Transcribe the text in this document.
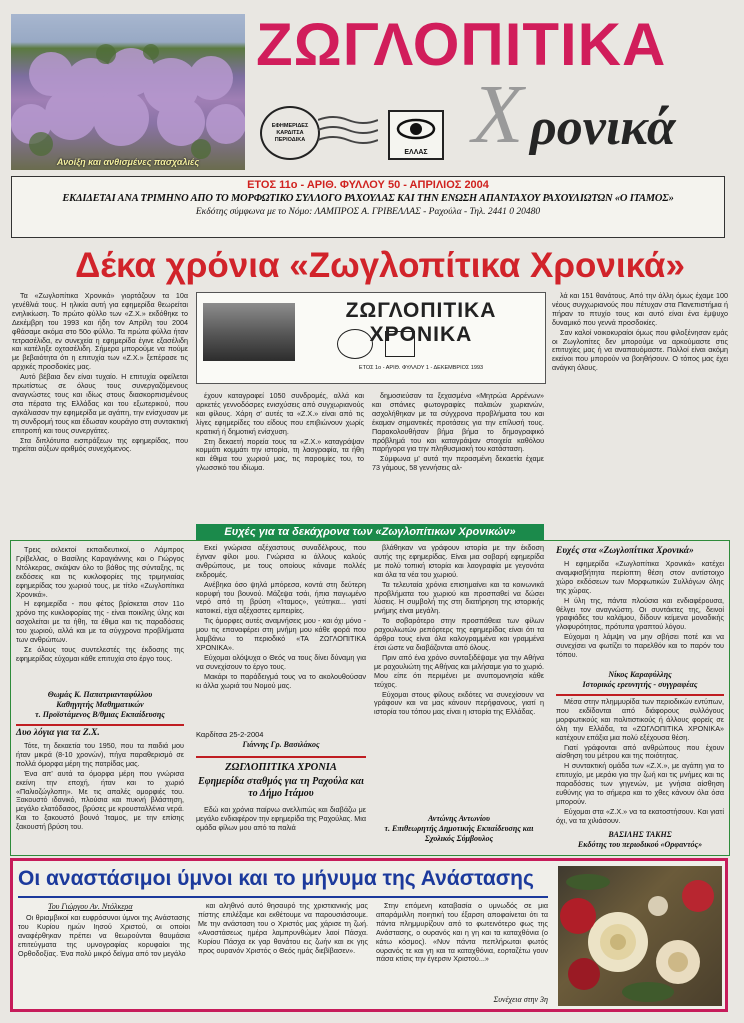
Ανοίξη και ανθισμένες πασχαλιές
ΖΩΓΛΟΠΙΤΙΚΑ
ΕΦΗΜΕΡΙΔΕΣ ΚΑΡΔΙΤΣΑ ΠΕΡΙΟΔΙΚΑ
ΕΛΛΑΣ Χ ρονικά
ΕΤΟΣ 11ο - ΑΡΙΘ. ΦΥΛΛΟΥ 50 - ΑΠΡΙΛΙΟΣ 2004
ΕΚΔΙΔΕΤΑΙ ΑΝΑ ΤΡΙΜΗΝΟ ΑΠΟ ΤΟ ΜΟΡΦΩΤΙΚΟ ΣΥΛΛΟΓΟ ΡΑΧΟΥΛΑΣ ΚΑΙ ΤΗΝ ΕΝΩΣΗ ΑΠΑΝΤΑΧΟΥ ΡΑΧΟΥΛΙΩΤΩΝ «Ο ΙΤΑΜΟΣ»
Εκδότης σύμφωνα με το Νόμο: ΛΑΜΠΡΟΣ Α. ΓΡΙΒΕΛΛΑΣ - Ραχούλα - Τηλ. 2441 0 20480
Δέκα χρόνια «Ζωγλοπίτικα Χρονικά»

Τα «Ζωγλοπίτικα Χρονικά» γιορτάζουν τα 10α γενέθλιά τους. Η ηλικία αυτή για εφημερίδα θεωρείται ενηλικίωση. Το πρώτο φύλλο των «Ζ.Χ.» εκδόθηκε το Δεκέμβρη του 1993 και ήδη τον Απρίλη του 2004 φθάσαμε ακόμα στο 50ο φύλλο. Τα πρώτα φύλλα ήταν τετρασέλιδα, εν συνεχεία η εφημερίδα έγινε εξασέλιδη και κατέληξε οχτασέλιδη. Σήμερα μπορούμε να πούμε με βεβαιότητα ότι η επιτυχία των «Ζ.Χ.» ξεπέρασε τις αρχικές προσδοκίες μας.

Αυτό βέβαια δεν είναι τυχαίο. Η επιτυχία οφείλεται πρωτίστως σε όλους τους συνεργαζόμενους αναγνώστες τους και ιδίως στους διασκορπισμένους στα πέρατα της Ελλάδας και του εξωτερικού, που αγκάλιασαν την εφημερίδα με αγάπη, την ενίσχυσαν με τη συνδρομή τους και έδωσαν κουράγιο στη συντακτική επιτροπή και τους συνεργάτες.

Στα διπλότυπα εισπράξεων της εφημερίδας, που τηρείται αύξων αριθμός συνεχόμενος.

ΖΩΓΛΟΠΙΤΙΚΑ ΧΡΟΝΙΚΑ
ΕΤΟΣ 1ο - ΑΡΙΘ. ΦΥΛΛΟΥ 1 - ΔΕΚΕΜΒΡΙΟΣ 1993

έχουν καταγραφεί 1050 συνδρομές, αλλά και αρκετές γεννοδόσρες ενισχύσεις από συγχωριανούς και φίλους. Χάρη σ' αυτές τα «Ζ.Χ.» είναι από τις λίγες εφημερίδες του είδους που επιβιώνουν χωρίς κρατική ή δημοτική ενίσχυση.

Στη δεκαετή πορεία τους τα «Ζ.Χ.» καταγράψαν κομμάτι κομμάτι την ιστορία, τη λαογραφία, τα ήθη και έθιμα του χωριού μας, τις παροιμίες του, το γλωσσικό του ιδίωμα.

δημοσιεύσαν τα ξεχασμένα «Μητρώα Αρρένων» και σπάνιες φωτογραφίες παλαιών χωριανών, ασχολήθηκαν με τα σύγχρονα προβλήματα του και έκαμαν σημαντικές προτάσεις για την επίλυσή τους. Παρακολουθήσαν βήμα βήμα το δημογραφικό πρόβλημά του και καταγράψαν στοιχεία καθόλου παρήγορα για την πληθυσμιακή του κατάσταση.

Σύμφωνα μ' αυτά την περασμένη δεκαετία έχαμε 73 γάμους, 58 γεννήσεις αλ-

λά και 151 θανάτους. Από την άλλη όμως έχαμε 100 νέους συγχωριανούς που πέτυχαν στα Πανεπιστήμια ή πήραν το πτυχίο τους και αυτό είναι ένα έμψυχο δυναμικό που γεννά προσδοκίες.

Σαν καλοί νοικοκυραίοι όμως που φιλοξένησαν εμάς οι Ζωγλοπίτες δεν μπορούμε να αρκούμαστε στις επιτυχίες μας ή να αναπαυόμαστε. Πολλοί είναι ακόμη εκείνοι που μπορούν να βοηθήσουν. Ο τόπος μας έχει ανάγκη όλους.

Ευχές για τα δεκάχρονα των «Ζωγλοπίτικων Χρονικών»

Τρεις εκλεκτοί εκπαιδευτικοί, ο Λάμπρος Γρίβελλας, ο Βασίλης Καραγιάννης και ο Γιώργος Ντόλκερας, σκάψαν όλο το βάθος της σύνταξης, τις εκδόσεις και τις κυκλοφορίες της τριμηνιαίας εφημερίδας του χωριού τους, με τίτλο «Ζωγλοπίτικα Χρονικά».

Η εφημερίδα - που φέτος βρίσκεται στον 11ο χρόνο της κυκλοφορίας της - είναι ποικίλης ύλης και ασχολείται με τα ήθη, τα έθιμα και τις παραδόσεις του χωριού, αλλά και με τα σύγχρονα προβλήματα των ανθρώπων.

Σε όλους τους συντελεστές της έκδοσης της εφημερίδας εύχομαι κάθε επιτυχία στο έργο τους.

Θωμάς Κ. Παπατριανταφύλλου
Καθηγητής Μαθηματικών
τ. Προϊστάμενος Β/θμιας Εκπαίδευσης
Δυο λόγια για τα Ζ.Χ.

Τότε, τη δεκαετία του 1950, που τα παιδιά μου ήταν μικρά (8-10 χρονών), πήγα παραθερισμό σε πολλά όμορφα μέρη της πατρίδας μας.

Ένα απ' αυτά τα όμορφα μέρη που γνώρισα εκείνη την εποχή, ήταν και το χωριό «Παλιοζώγλοπη». Με τις απαλές ομορφιές του. Ξακουστό ιδανικό, πλούσια και πυκνή βλάστηση, μεγάλο ελατόδασος, βρύσες με κρουσταλλένια νερά. Και το ξακουστό βουνό Ίταμος, με την επίσης ξακουστή βρύση του.

Εκεί γνώρισα αξέχαστους συναδέλφους, που έγιναν φίλοι μου. Γνώρισα κι άλλους καλούς ανθρώπους, με τους οποίους κάναμε πολλές εκδρομές.

Ανέβηκα όσο ψηλά μπόρεσα, κοντά στη δεύτερη κορυφή του βουνού. Μάζεψα τσάι, ήπια παγωμένο νερό από τη βρύση «Ίταμος», γεύτηκα... γιατί κατοικεί, είχα αξέχαστες εμπειρίες.

Τις όμορφες αυτές αναμνήσεις μου - και όχι μόνο - μου τις επαναφέρει στη μνήμη μου κάθε φορά που λαμβάνω το περιοδικό «ΤΑ ΖΩΓΛΟΠΙΤΙΚΑ ΧΡΟΝΙΚΑ».

Εύχομαι ολόψυχα ο Θεός να τους δίνει δύναμη για να συνεχίσουν το έργο τους.

Μακάρι το παράδειγμά τους να το ακολουθούσαν κι άλλα χωριά του Νομού μας.

Καρδίτσα 25-2-2004
Γιάννης Γρ. Βασιλάκος
ΖΩΓΛΟΠΙΤΙΚΑ ΧΡΟΝΙΑ
Εφημερίδα σταθμός για τη Ραχούλα και το Δήμο Ιτάμου
Εδώ και χρόνια παίρνω ανελλιπώς και διαβάζω με μεγάλο ενδιαφέρον την εφημερίδα της Ραχούλας. Μια ομάδα φίλων μου από τα παλιά

βλάθηκαν να γράφουν ιστορία με την έκδοση αυτής της εφημερίδας. Είναι μια σοβαρή εφημερίδα με πολύ τοπική ιστορία και λαογραφία με γεγονότα και όλα τα νέα του χωριού.

Τα τελευταία χρόνια επισημαίνει και τα κοινωνικά προβλήματα του χωριού και προσπαθεί να δώσει λύσεις. Η συμβολή της στη διατήρηση της ιστορικής μνήμης είναι μεγάλη.

Το σοβαρότερο στην προσπάθεια των φίλων ραχουλιωτών ρεπόρτερς της εφημερίδας είναι ότι τα άρθρα τους είναι όλα καλογραμμένα και γραμμένα έτσι ώστε να διαβάζονται από όλους.

Πριν από ένα χρόνο συνταξιδέψαμε για την Αθήνα με ραχουλιώτη της Αθήνας και μιλήσαμε για το χωριό. Μου είπε ότι περιμένει με ανυπομονησία κάθε τεύχος.

Εύχομαι στους φίλους εκδότες να συνεχίσουν να γράφουν και να μας κάνουν περήφανους, γιατί η ιστορία του τόπου μας είναι η ιστορία της Ελλάδας.

Αντώνης Αντωνίου
τ. Επιθεωρητής Δημοτικής Εκπαίδευσης και Σχολικός Σύμβουλος
Ευχές στα «Ζωγλοπίτικα Χρονικά»

Η εφημερίδα «Ζωγλοπίτικα Χρονικά» κατέχει αναμφισβήτητα περίοπτη θέση στον αντίστοιχο χώρο εκδόσεων των Μορφωτικών Συλλόγων όλης της χώρας.

Η ύλη της, πάντα πλούσια και ενδιαφέρουσα, θέλγει τον αναγνώστη. Οι συντάκτες της, δεινοί γραφιάδες του καλάμου, δίδουν κείμενα μοναδικής γλαφυρότητας, πρότυπα γραπτού λόγου.

Εύχομαι η λάμψη να μην σβήσει ποτέ και να συνεχίσει να φωτίζει το παρελθόν και το παρόν του τόπου.

Νίκος Καραφύλλης
Ιστορικός ερευνητής - συγγραφέας

Μέσα στην πλημμυρίδα των περιοδικών εντύπων, που εκδίδονται από διάφορους συλλόγους μορφωτικούς και πολιτιστικούς ή άλλους φορείς σε όλη την Ελλάδα, τα «ΖΩΓΛΟΠΙΤΙΚΑ ΧΡΟΝΙΚΑ» κατέχουν επάξια μια πολύ εξέχουσα θέση.

Γιατί γράφονται από ανθρώπους που έχουν αίσθηση του μέτρου και της ποιότητας.

Η συντακτική ομάδα των «Ζ.Χ.», με αγάπη για το επιτυχίο, με μεράκι για την ζωή και τις μνήμες και τις παραδόσεις των γηγενών, με γνήσια αίσθηση ευθύνης για το σήμερα και το χθες κάνουν όλα όσα μπορούν.

Εύχομαι στα «Ζ.Χ.» να τα εκατοστήσουν. Και γιατί όχι, να τα χιλιάσουν.

ΒΑΣΙΛΗΣ ΤΑΚΗΣ
Εκδότης του περιοδικού «Ορφαντός»
Οι αναστάσιμοι ύμνοι και το μήνυμα της Ανάστασης
Του Γιώργου Αν. Ντόλκερα
Οι θριαμβικοί και ευφρόσυνοι ύμνοι της Ανάστασης του Κυρίου ημών Ιησού Χριστού, οι οποίοι αναφέρθηκαν πρέπει να θεωρούνται θαυμάσια επιτεύγματα της υμνογραφίας κορυφαίοι της Ορθοδοξίας. Ένα πολύ μικρό δείγμα από τον μεγάλο
και αληθινό αυτό θησαυρό της χριστιανικής μας πίστης επιλέξαμε και εκθέτουμε να παρουσιάσουμε. Με την ανάσταση του ο Χριστός μας χάρισε τη ζωή. «Αναστάσεως ημέρα λαμπρυνθώμεν λαοί Πάσχα. Κυρίου Πάσχα εκ γαρ θανάτου εις ζωήν και εκ γης προς ουρανόν Χριστός ο Θεός ημάς διεβίβασεν».
Στην επόμενη καταβασία ο υμνωδός σε μια απαράμιλλη ποιητική του έξαρση αποφαίνεται ότι τα πάντα πλημμυρίζουν από το φωτεινότερο φως της Ανάστασης, ο ουρανός και η γη και τα καταχθόνια (ο κάτω κόσμος). «Νυν πάντα πεπλήρωται φωτός ουρανός τε και γη και τα καταχθόνια, εορταζέτω γουν πάσα κτίσις την έγερσιν Χριστού...»
Συνέχεια στην 3η
